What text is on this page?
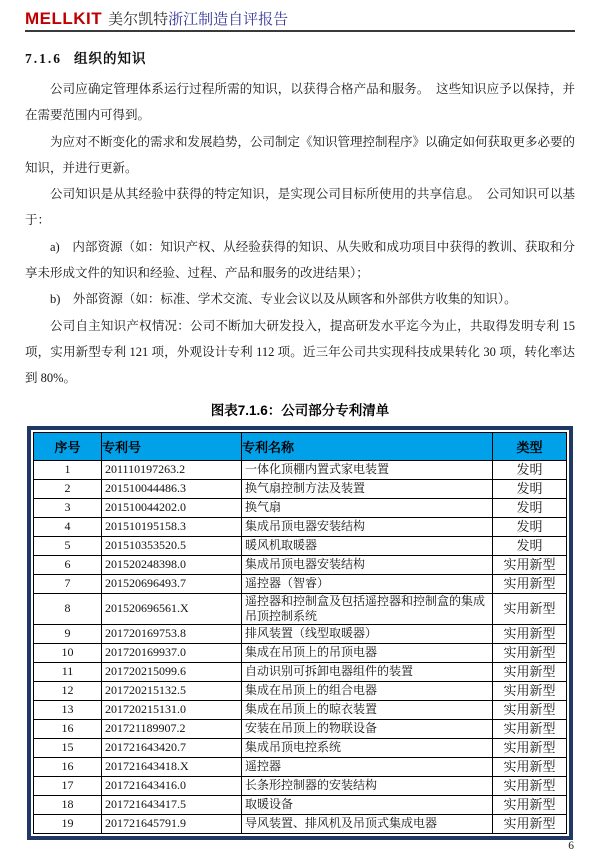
MELLKIT 美尔凯特 浙江制造自评报告
7.1.6 组织的知识

公司应确定管理体系运行过程所需的知识，以获得合格产品和服务。　这些知识应予以保持，并在需要范围内可得到。

为应对不断变化的需求和发展趋势，公司制定《知识管理控制程序》以确定如何获取更多必要的知识，并进行更新。

公司知识是从其经验中获得的特定知识，是实现公司目标所使用的共享信息。　公司知识可以基于：

a)　内部资源（如：知识产权、从经验获得的知识、从失败和成功项目中获得的教训、获取和分享未形成文件的知识和经验、过程、产品和服务的改进结果）；

b)　外部资源（如：标准、学术交流、专业会议以及从顾客和外部供方收集的知识）。

公司自主知识产权情况：公司不断加大研发投入，提高研发水平迄今为止，共取得发明专利 15 项，实用新型专利 121 项，外观设计专利 112 项。近三年公司共实现科技成果转化 30 项，转化率达到 80%。

图表7.1.6：公司部分专利清单
序号	专利号	专利名称	类型
1	201110197263.2	一体化顶棚内置式家电装置	发明
2	201510044486.3	换气扇控制方法及装置	发明
3	201510044202.0	换气扇	发明
4	201510195158.3	集成吊顶电器安装结构	发明
5	201510353520.5	暖风机取暖器	发明
6	201520248398.0	集成吊顶电器安装结构	实用新型
7	201520696493.7	遥控器（智睿）	实用新型
8	201520696561.X	遥控器和控制盒及包括遥控器和控制盒的集成吊顶控制系统	实用新型
9	201720169753.8	排风装置（线型取暖器）	实用新型
10	201720169937.0	集成在吊顶上的吊顶电器	实用新型
11	201720215099.6	自动识别可拆卸电器组件的装置	实用新型
12	201720215132.5	集成在吊顶上的组合电器	实用新型
13	201720215131.0	集成在吊顶上的晾衣装置	实用新型
16	201721189907.2	安装在吊顶上的物联设备	实用新型
15	201721643420.7	集成吊顶电控系统	实用新型
16	201721643418.X	遥控器	实用新型
17	201721643416.0	长条形控制器的安装结构	实用新型
18	201721643417.5	取暖设备	实用新型
19	201721645791.9	导风装置、排风机及吊顶式集成电器	实用新型
6
